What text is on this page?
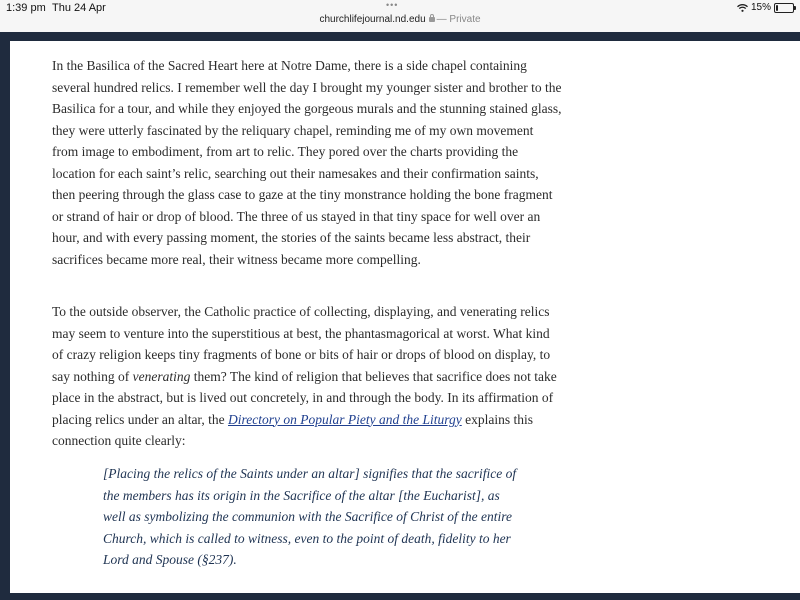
1:39 pm Thu 24 Apr	•••
churchlifejournal.nd.edu — Private
15%

In the Basilica of the Sacred Heart here at Notre Dame, there is a side chapel containing several hundred relics. I remember well the day I brought my younger sister and brother to the Basilica for a tour, and while they enjoyed the gorgeous murals and the stunning stained glass, they were utterly fascinated by the reliquary chapel, reminding me of my own movement from image to embodiment, from art to relic. They pored over the charts providing the location for each saint’s relic, searching out their namesakes and their confirmation saints, then peering through the glass case to gaze at the tiny monstrance holding the bone fragment or strand of hair or drop of blood. The three of us stayed in that tiny space for well over an hour, and with every passing moment, the stories of the saints became less abstract, their sacrifices became more real, their witness became more compelling.

To the outside observer, the Catholic practice of collecting, displaying, and venerating relics may seem to venture into the superstitious at best, the phantasmagorical at worst. What kind of crazy religion keeps tiny fragments of bone or bits of hair or drops of blood on display, to say nothing of venerating them? The kind of religion that believes that sacrifice does not take place in the abstract, but is lived out concretely, in and through the body. In its affirmation of placing relics under an altar, the Directory on Popular Piety and the Liturgy explains this connection quite clearly:

[Placing the relics of the Saints under an altar] signifies that the sacrifice of the members has its origin in the Sacrifice of the altar [the Eucharist], as well as symbolizing the communion with the Sacrifice of Christ of the entire Church, which is called to witness, even to the point of death, fidelity to her Lord and Spouse (§237).
